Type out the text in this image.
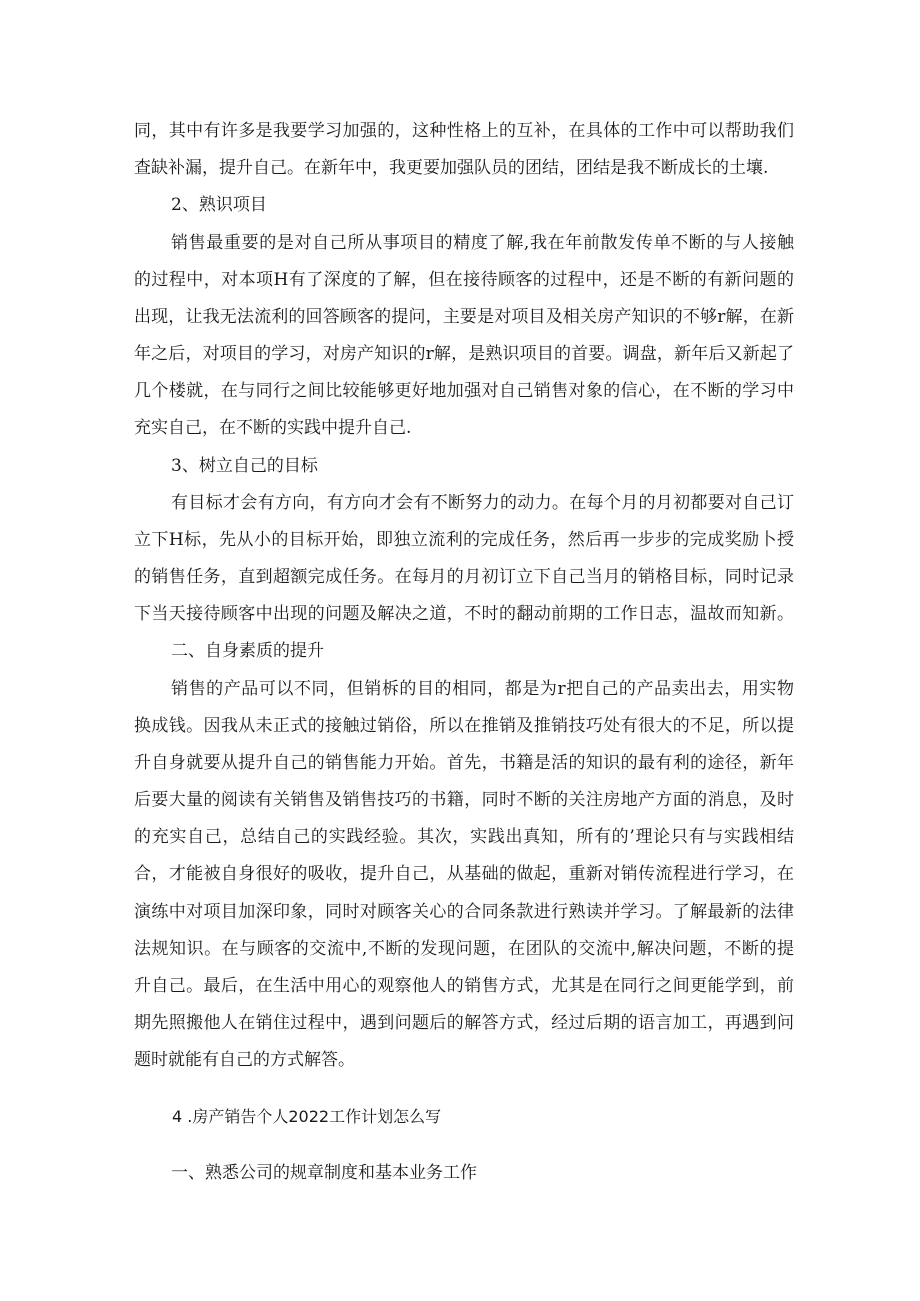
同，其中有许多是我要学习加强的，这种性格上的互补，在具体的工作中可以帮助我们
查缺补漏，提升自己。在新年中，我更要加强队员的团结，团结是我不断成长的土壤.
2、熟识项目
销售最重要的是对自己所从事项目的精度了解,我在年前散发传单不断的与人接触
的过程中，对本项H有了深度的了解，但在接待顾客的过程中，还是不断的有新问题的
出现，让我无法流利的回答顾客的提问，主要是对项目及相关房产知识的不够r解，在新
年之后，对项目的学习，对房产知识的r解，是熟识项目的首要。调盘，新年后又新起了
几个楼就，在与同行之间比较能够更好地加强对自己销售对象的信心，在不断的学习中
充实自己，在不断的实践中提升自己.
3、树立自己的目标
有目标才会有方向，有方向才会有不断努力的动力。在每个月的月初都要对自己订
立下H标，先从小的目标开始，即独立流利的完成任务，然后再一步步的完成奖励卜授
的销售任务，直到超额完成任务。在每月的月初订立下自己当月的销格目标，同时记录
下当天接待顾客中出现的问题及解决之道，不时的翻动前期的工作日志，温故而知新。
二、自身素质的提升
销售的产品可以不同，但销柝的目的相同，都是为r把自己的产品卖出去，用实物
换成钱。因我从未正式的接触过销俗，所以在推销及推销技巧处有很大的不足，所以提
升自身就要从提升自己的销售能力开始。首先，书籍是活的知识的最有利的途径，新年
后要大量的阅读有关销售及销售技巧的书籍，同时不断的关注房地产方面的消息，及时
的充实自己，总结自己的实践经验。其次，实践出真知，所有的’理论只有与实践相结
合，才能被自身很好的吸收，提升自己，从基础的做起，重新对销传流程进行学习，在
演练中对项目加深印象，同时对顾客关心的合同条款进行熟读并学习。了解最新的法律
法规知识。在与顾客的交流中,不断的发现问题，在团队的交流中,解决问题，不断的提
升自己。最后，在生活中用心的观察他人的销售方式，尤其是在同行之间更能学到，前
期先照搬他人在销住过程中，遇到问题后的解答方式，经过后期的语言加工，再遇到问
题时就能有自己的方式解答。
4 .房产销告个人2022工作计划怎么写
一、熟悉公司的规章制度和基本业务工作
